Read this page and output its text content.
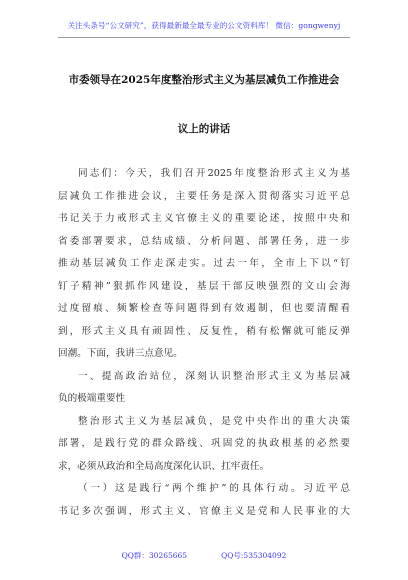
关注头条号“公文研究”，获得最新最全最专业的公文资料库！ 微信：gongwenyj
市委领导在2025年度整治形式主义为基层减负工作推进会
议上的讲话
同志们：今天，我们召开2025年度整治形式主义为基
层减负工作推进会议，主要任务是深入贯彻落实习近平总
书记关于力戒形式主义官僚主义的重要论述，按照中央和
省委部署要求，总结成绩、分析问题、部署任务，进一步
推动基层减负工作走深走实。过去一年，全市上下以“钉
钉子精神”狠抓作风建设，基层干部反映强烈的文山会海
过度留痕、频繁检查等问题得到有效遏制，但也要清醒看
到，形式主义具有顽固性、反复性，稍有松懈就可能反弹
回潮。下面，我讲三点意见。
一、提高政治站位，深刻认识整治形式主义为基层减
负的极端重要性
整治形式主义为基层减负，是党中央作出的重大决策
部署，是践行党的群众路线、巩固党的执政根基的必然要
求，必须从政治和全局高度深化认识、扛牢责任。
（一）这是践行“两个维护”的具体行动。习近平总
书记多次强调，形式主义、官僚主义是党和人民事业的大
QQ群：30265665	QQ号:535304092
